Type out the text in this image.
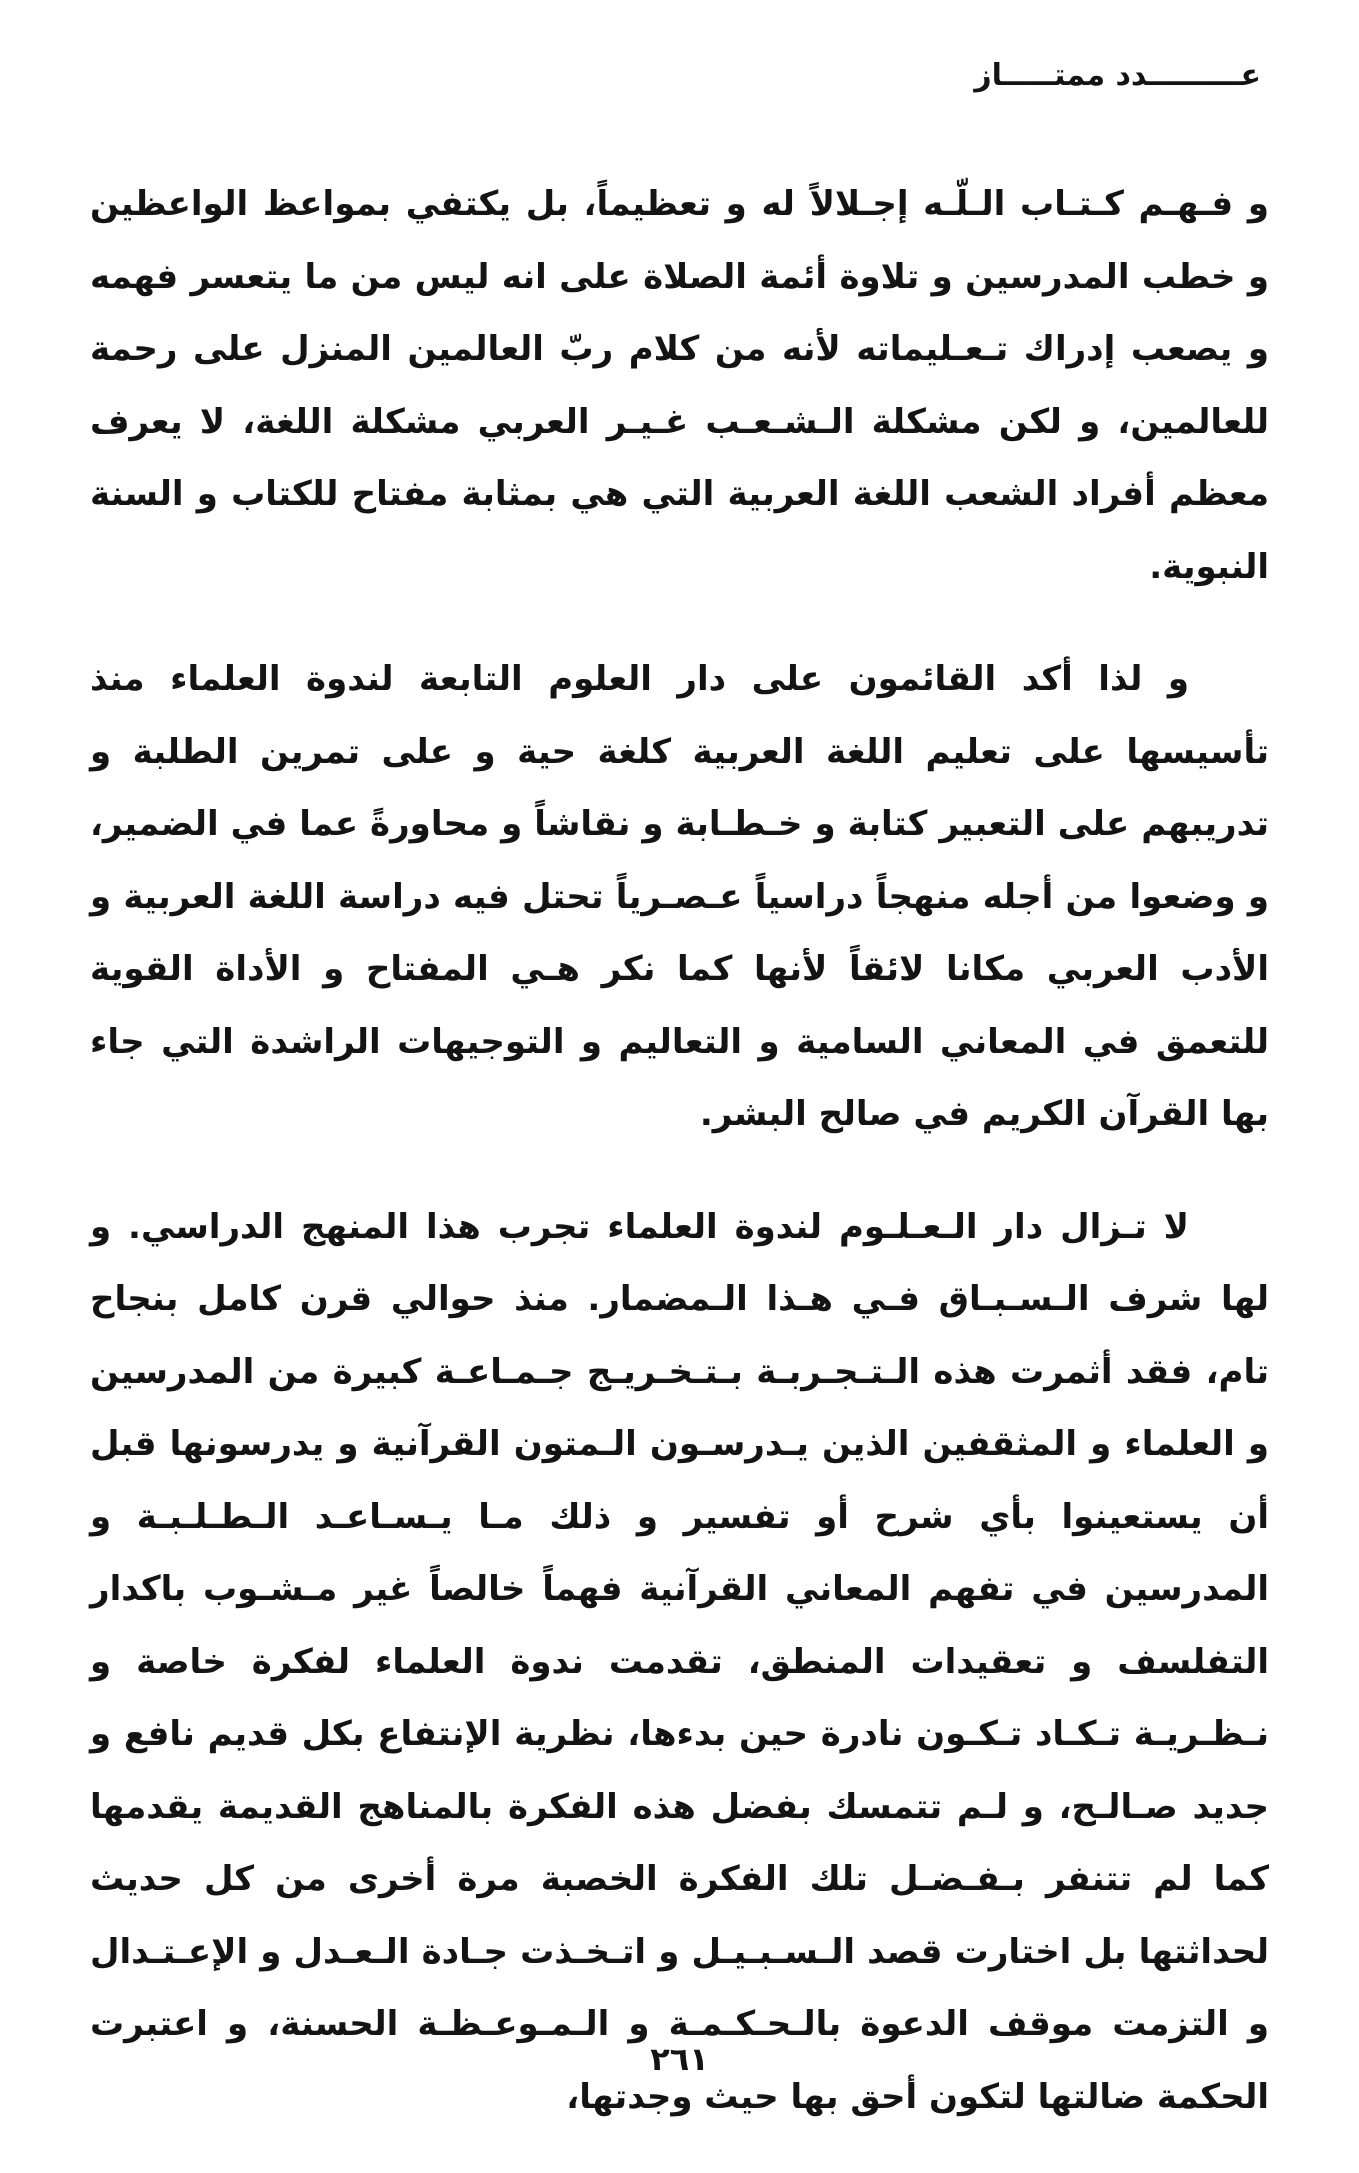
عـــــــــدد ممتـــــاز

و فـهـم كـتـاب الـلّـه إجـلالاً له و تعظيماً، بل يكتفي بمواعظ الواعظين و خطب المدرسين و تلاوة أئمة الصلاة على انه ليس من ما يتعسر فهمه و يصعب إدراك تـعـليماته لأنه من كلام ربّ العالمين المنزل على رحمة للعالمين، و لكن مشكلة الـشـعـب غـيـر العربي مشكلة اللغة، لا يعرف معظم أفراد الشعب اللغة العربية التي هي بمثابة مفتاح للكتاب و السنة النبوية.

و لذا أكد القائمون على دار العلوم التابعة لندوة العلماء منذ تأسيسها على تعليم اللغة العربية كلغة حية و على تمرين الطلبة و تدريبهم على التعبير كتابة و خـطـابة و نقاشاً و محاورةً عما في الضمير، و وضعوا من أجله منهجاً دراسياً عـصـرياً تحتل فيه دراسة اللغة العربية و الأدب العربي مكانا لائقاً لأنها كما نكر هـي المفتاح و الأداة القوية للتعمق في المعاني السامية و التعاليم و التوجيهات الراشدة التي جاء بها القرآن الكريم في صالح البشر.

لا تـزال دار الـعـلـوم لندوة العلماء تجرب هذا المنهج الدراسي. و لها شرف الـسـبـاق فـي هـذا الـمضمار. منذ حوالي قرن كامل بنجاح تام، فقد أثمرت هذه الـتـجـربـة بـتـخـريـج جـمـاعـة كبيرة من المدرسين و العلماء و المثقفين الذين يـدرسـون الـمتون القرآنية و يدرسونها قبل أن يستعينوا بأي شرح أو تفسير و ذلك مـا يـسـاعـد الـطـلـبـة و المدرسين في تفهم المعاني القرآنية فهماً خالصاً غير مـشـوب باكدار التفلسف و تعقيدات المنطق، تقدمت ندوة العلماء لفكرة خاصة و نـظـريـة تـكـاد تـكـون نادرة حين بدءها، نظرية الإنتفاع بكل قديم نافع و جديد صـالـح، و لـم تتمسك بفضل هذه الفكرة بالمناهج القديمة يقدمها كما لم تتنفر بـفـضـل تلك الفكرة الخصبة مرة أخرى من كل حديث لحداثتها بل اختارت قصد الـسـبـيـل و اتـخـذت جـادة الـعـدل و الإعـتـدال و التزمت موقف الدعوة بالـحـكـمـة و الـمـوعـظـة الحسنة، و اعتبرت الحكمة ضالتها لتكون أحق بها حيث وجدتها،

٢٦١
